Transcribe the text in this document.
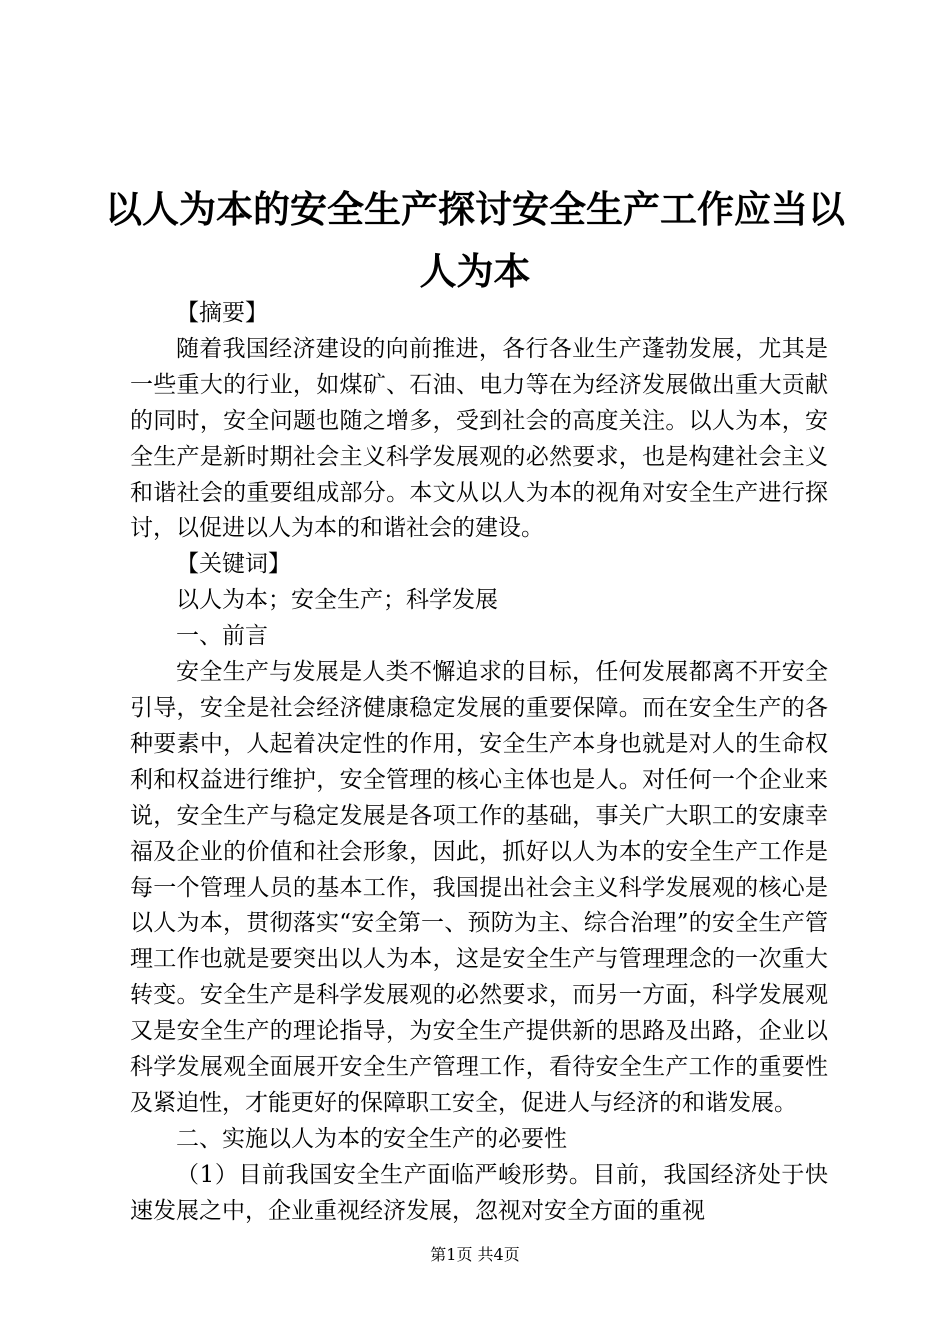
以人为本的安全生产探讨安全生产工作应当以人为本

【摘要】

随着我国经济建设的向前推进，各行各业生产蓬勃发展，尤其是一些重大的行业，如煤矿、石油、电力等在为经济发展做出重大贡献的同时，安全问题也随之增多，受到社会的高度关注。以人为本，安全生产是新时期社会主义科学发展观的必然要求，也是构建社会主义和谐社会的重要组成部分。本文从以人为本的视角对安全生产进行探讨，以促进以人为本的和谐社会的建设。

【关键词】

以人为本；安全生产；科学发展

一、前言

安全生产与发展是人类不懈追求的目标，任何发展都离不开安全引导，安全是社会经济健康稳定发展的重要保障。而在安全生产的各种要素中，人起着决定性的作用，安全生产本身也就是对人的生命权利和权益进行维护，安全管理的核心主体也是人。对任何一个企业来说，安全生产与稳定发展是各项工作的基础，事关广大职工的安康幸福及企业的价值和社会形象，因此，抓好以人为本的安全生产工作是每一个管理人员的基本工作，我国提出社会主义科学发展观的核心是以人为本，贯彻落实“安全第一、预防为主、综合治理”的安全生产管理工作也就是要突出以人为本，这是安全生产与管理理念的一次重大转变。安全生产是科学发展观的必然要求，而另一方面，科学发展观又是安全生产的理论指导，为安全生产提供新的思路及出路，企业以科学发展观全面展开安全生产管理工作，看待安全生产工作的重要性及紧迫性，才能更好的保障职工安全，促进人与经济的和谐发展。

二、实施以人为本的安全生产的必要性

（1）目前我国安全生产面临严峻形势。目前，我国经济处于快速发展之中，企业重视经济发展，忽视对安全方面的重视

第1页 共4页
